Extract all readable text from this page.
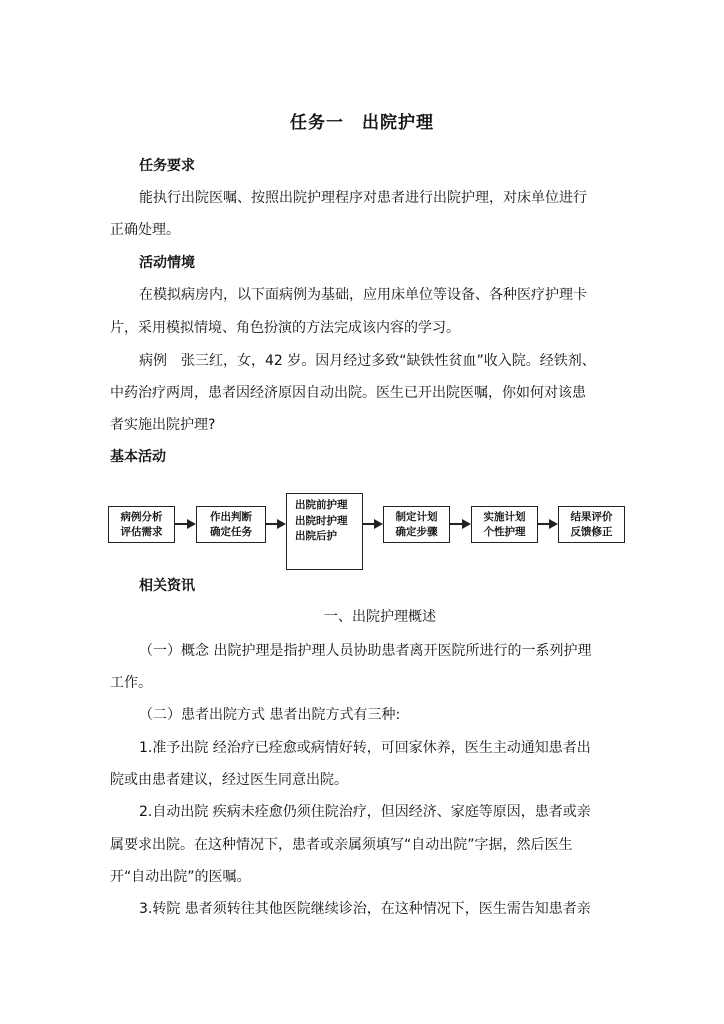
任务一　出院护理
任务要求
能执行出院医嘱、按照出院护理程序对患者进行出院护理，对床单位进行
正确处理。
活动情境
在模拟病房内，以下面病例为基础，应用床单位等设备、各种医疗护理卡
片，采用模拟情境、角色扮演的方法完成该内容的学习。
病例　张三红，女，42 岁。因月经过多致“缺铁性贫血”收入院。经铁剂、
中药治疗两周，患者因经济原因自动出院。医生已开出院医嘱，你如何对该患
者实施出院护理?
基本活动
病例分析
评估需求
作出判断
确定任务
出院前护理
出院时护理
出院后护
制定计划
确定步骤
实施计划
个性护理
结果评价
反馈修正
相关资讯
一、出院护理概述
（一）概念 出院护理是指护理人员协助患者离开医院所进行的一系列护理
工作。
（二）患者出院方式 患者出院方式有三种:
1.准予出院 经治疗已痊愈或病情好转，可回家休养，医生主动通知患者出
院或由患者建议，经过医生同意出院。
2.自动出院 疾病未痊愈仍须住院治疗，但因经济、家庭等原因，患者或亲
属要求出院。在这种情况下，患者或亲属须填写“自动出院”字据，然后医生
开“自动出院”的医嘱。
3.转院 患者须转往其他医院继续诊治，在这种情况下，医生需告知患者亲
